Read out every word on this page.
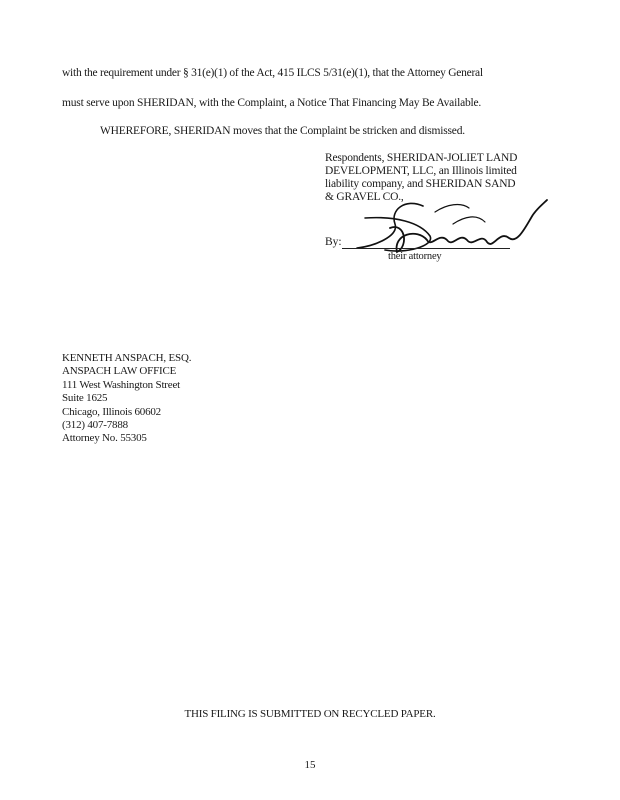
with the requirement under § 31(e)(1) of the Act, 415 ILCS 5/31(e)(1), that the Attorney General
must serve upon SHERIDAN, with the Complaint, a Notice That Financing May Be Available.
WHEREFORE, SHERIDAN moves that the Complaint be stricken and dismissed.
Respondents, SHERIDAN-JOLIET LAND
DEVELOPMENT, LLC, an Illinois limited
liability company, and SHERIDAN SAND
& GRAVEL CO.,
By:
their attorney
KENNETH ANSPACH, ESQ.
ANSPACH LAW OFFICE
111 West Washington Street
Suite 1625
Chicago, Illinois 60602
(312) 407-7888
Attorney No. 55305
THIS FILING IS SUBMITTED ON RECYCLED PAPER.
15
